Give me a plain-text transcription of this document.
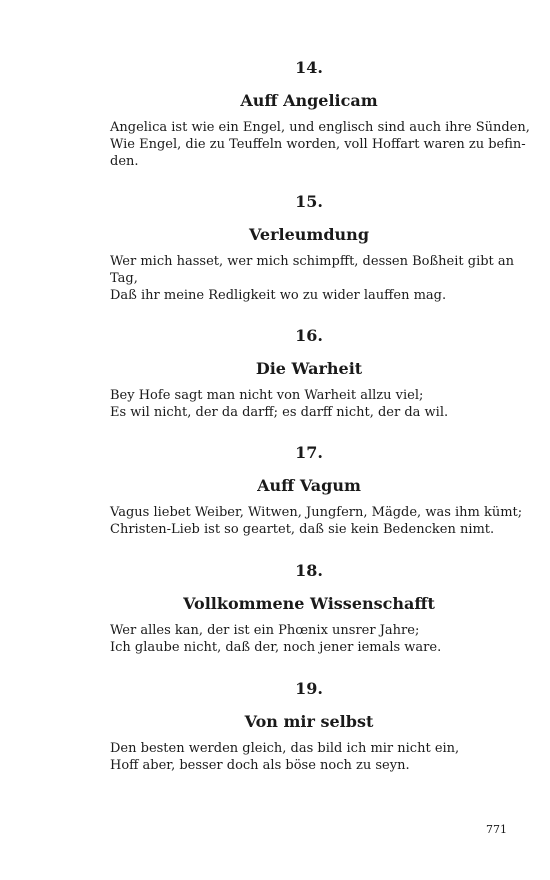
14.

Auff Angelicam

Angelica ist wie ein Engel, und englisch sind auch ihre Sünden,

Wie Engel, die zu Teuffeln worden, voll Hoffart waren zu befin-

den.

15.

Verleumdung

Wer mich hasset, wer mich schimpfft, dessen Boßheit gibt an

Tag,

Daß ihr meine Redligkeit wo zu wider lauffen mag.

16.

Die Warheit

Bey Hofe sagt man nicht von Warheit allzu viel;

Es wil nicht, der da darff; es darff nicht, der da wil.

17.

Auff Vagum

Vagus liebet Weiber, Witwen, Jungfern, Mägde, was ihm kümt;

Christen-Lieb ist so geartet, daß sie kein Bedencken nimt.

18.

Vollkommene Wissenschafft

Wer alles kan, der ist ein Phœnix unsrer Jahre;

Ich glaube nicht, daß der, noch jener iemals ware.

19.

Von mir selbst

Den besten werden gleich, das bild ich mir nicht ein,

Hoff aber, besser doch als böse noch zu seyn.

771
